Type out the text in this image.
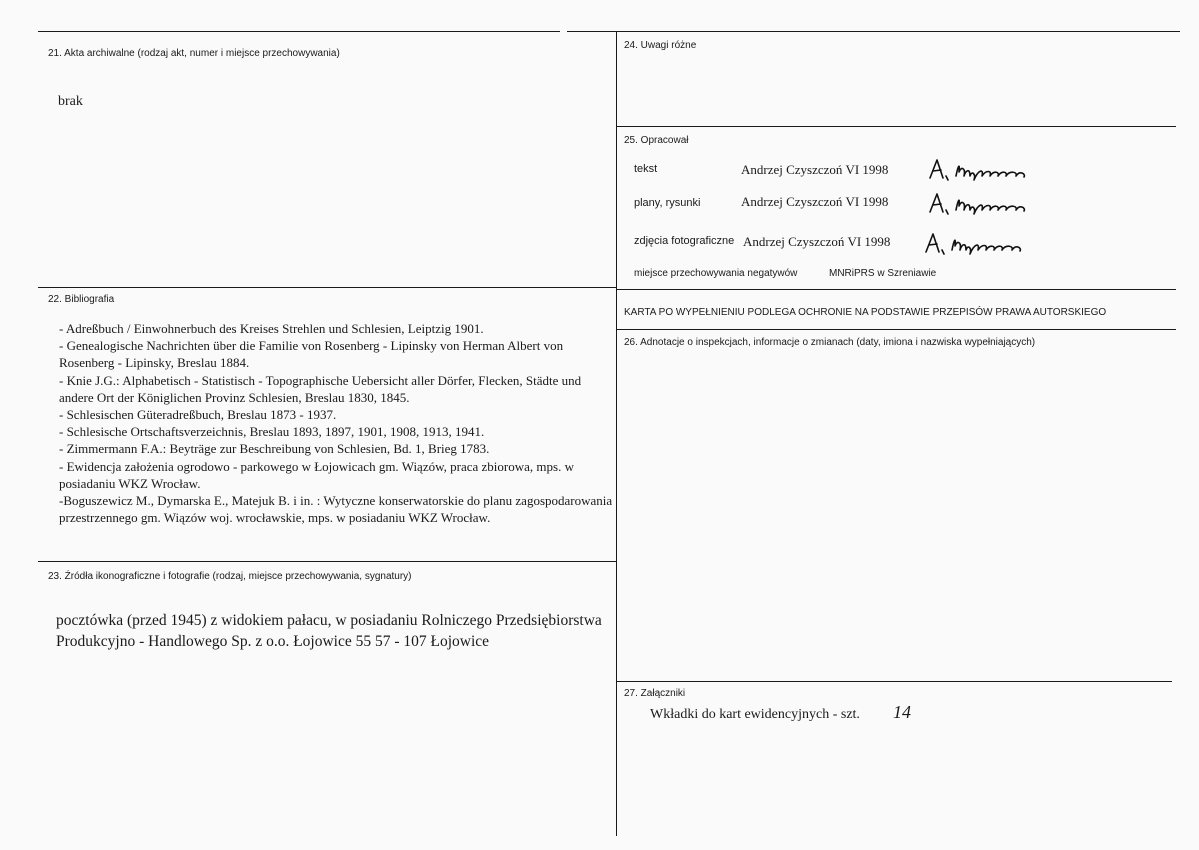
21. Akta archiwalne (rodzaj akt, numer i miejsce przechowywania)
brak
22. Bibliografia
- Adreßbuch / Einwohnerbuch des Kreises Strehlen und Schlesien, Leiptzig 1901.
- Genealogische Nachrichten über die Familie von Rosenberg - Lipinsky von Herman Albert von Rosenberg - Lipinsky, Breslau 1884.
- Knie J.G.: Alphabetisch - Statistisch - Topographische Uebersicht aller Dörfer, Flecken, Städte und andere Ort der Königlichen Provinz Schlesien, Breslau 1830, 1845.
- Schlesischen Güteradreßbuch, Breslau 1873 - 1937.
- Schlesische Ortschaftsverzeichnis, Breslau 1893, 1897, 1901, 1908, 1913, 1941.
- Zimmermann F.A.: Beyträge zur Beschreibung von Schlesien, Bd. 1, Brieg 1783.
- Ewidencja założenia ogrodowo - parkowego w Łojowicach gm. Wiązów, praca zbiorowa, mps. w posiadaniu WKZ Wrocław.
-Boguszewicz M., Dymarska E., Matejuk B. i in. : Wytyczne konserwatorskie do planu zagospodarowania przestrzennego gm. Wiązów woj. wrocławskie, mps. w posiadaniu WKZ Wrocław.
23. Źródła ikonograficzne i fotografie (rodzaj, miejsce przechowywania, sygnatury)
pocztówka (przed 1945) z widokiem pałacu, w posiadaniu Rolniczego Przedsiębiorstwa Produkcyjno - Handlowego Sp. z o.o. Łojowice 55 57 - 107 Łojowice
24. Uwagi różne
25. Opracował
tekst	Andrzej Czyszczoń VI 1998
plany, rysunki	Andrzej Czyszczoń VI 1998
zdjęcia fotograficzne Andrzej Czyszczoń VI 1998
miejsce przechowywania negatywów	MNRiPRS w Szreniawie
KARTA PO WYPEŁNIENIU PODLEGA OCHRONIE NA PODSTAWIE PRZEPISÓW PRAWA AUTORSKIEGO
26. Adnotacje o inspekcjach, informacje o zmianach (daty, imiona i nazwiska wypełniających)
27. Załączniki
Wkładki do kart ewidencyjnych - szt. 14
